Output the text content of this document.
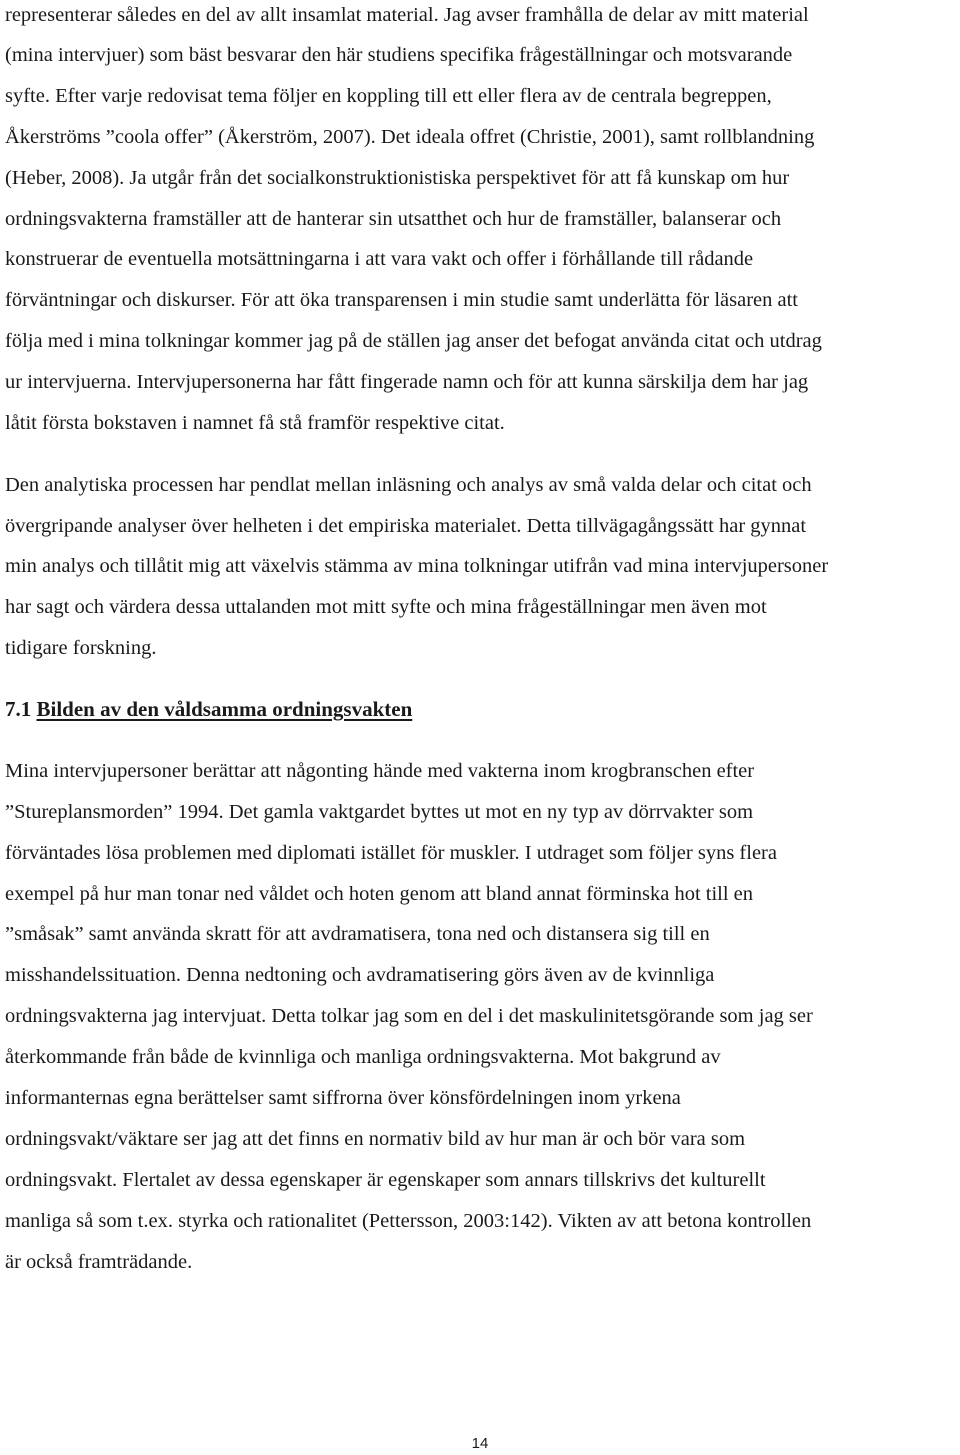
representerar således en del av allt insamlat material. Jag avser framhålla de delar av mitt material
(mina intervjuer) som bäst besvarar den här studiens specifika frågeställningar och motsvarande
syfte. Efter varje redovisat tema följer en koppling till ett eller flera av de centrala begreppen,
Åkerströms ”coola offer” (Åkerström, 2007). Det ideala offret (Christie, 2001), samt rollblandning
(Heber, 2008). Ja utgår från det socialkonstruktionistiska perspektivet för att få kunskap om hur
ordningsvakterna framställer att de hanterar sin utsatthet och hur de framställer, balanserar och
konstruerar de eventuella motsättningarna i att vara vakt och offer i förhållande till rådande
förväntningar och diskurser. För att öka transparensen i min studie samt underlätta för läsaren att
följa med i mina tolkningar kommer jag på de ställen jag anser det befogat använda citat och utdrag
ur intervjuerna. Intervjupersonerna har fått fingerade namn och för att kunna särskilja dem har jag
låtit första bokstaven i namnet få stå framför respektive citat.
Den analytiska processen har pendlat mellan inläsning och analys av små valda delar och citat och
övergripande analyser över helheten i det empiriska materialet. Detta tillvägagångssätt har gynnat
min analys och tillåtit mig att växelvis stämma av mina tolkningar utifrån vad mina intervjupersoner
har sagt och värdera dessa uttalanden mot mitt syfte och mina frågeställningar men även mot
tidigare forskning.
7.1 Bilden av den våldsamma ordningsvakten
Mina intervjupersoner berättar att någonting hände med vakterna inom krogbranschen efter
”Stureplansmorden” 1994. Det gamla vaktgardet byttes ut mot en ny typ av dörrvakter som
förväntades lösa problemen med diplomati istället för muskler. I utdraget som följer syns flera
exempel på hur man tonar ned våldet och hoten genom att bland annat förminska hot till en
”småsak” samt använda skratt för att avdramatisera, tona ned och distansera sig till en
misshandelssituation. Denna nedtoning och avdramatisering görs även av de kvinnliga
ordningsvakterna jag intervjuat. Detta tolkar jag som en del i det maskulinitetsgörande som jag ser
återkommande från både de kvinnliga och manliga ordningsvakterna. Mot bakgrund av
informanternas egna berättelser samt siffrorna över könsfördelningen inom yrkena
ordningsvakt/väktare ser jag att det finns en normativ bild av hur man är och bör vara som
ordningsvakt. Flertalet av dessa egenskaper är egenskaper som annars tillskrivs det kulturellt
manliga så som t.ex. styrka och rationalitet (Pettersson, 2003:142). Vikten av att betona kontrollen
är också framträdande.
14
